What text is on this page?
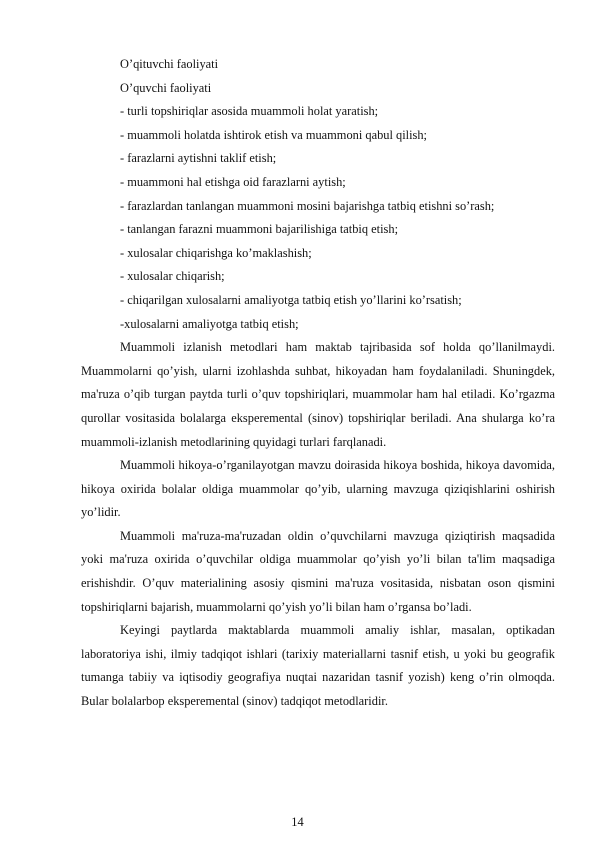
O’qituvchi faoliyati

O’quvchi faoliyati

- turli topshiriqlar asosida muammoli holat yaratish;

- muammoli holatda ishtirok etish va muammoni qabul qilish;

- farazlarni aytishni taklif etish;

- muammoni hal etishga oid farazlarni aytish;

- farazlardan tanlangan muammoni mosini bajarishga tatbiq etishni so’rash;

- tanlangan farazni muammoni bajarilishiga tatbiq etish;

- xulosalar chiqarishga ko’maklashish;

- xulosalar chiqarish;

- chiqarilgan xulosalarni amaliyotga tatbiq etish yo’llarini ko’rsatish;

-xulosalarni amaliyotga tatbiq etish;

Muammoli izlanish metodlari ham maktab tajribasida sof holda qo’llanilmaydi. Muammolarni qo’yish, ularni izohlashda suhbat, hikoyadan ham foydalaniladi. Shuningdek, ma'ruza o’qib turgan paytda turli o’quv topshiriqlari, muammolar ham hal etiladi. Ko’rgazma qurollar vositasida bolalarga eksperemental (sinov) topshiriqlar beriladi. Ana shularga ko’ra muammoli-izlanish metodlarining quyidagi turlari farqlanadi.

Muammoli hikoya-o’rganilayotgan mavzu doirasida hikoya boshida, hikoya davomida, hikoya oxirida bolalar oldiga muammolar qo’yib, ularning mavzuga qiziqishlarini oshirish yo’lidir.

Muammoli ma'ruza-ma'ruzadan oldin o’quvchilarni mavzuga qiziqtirish maqsadida yoki ma'ruza oxirida o’quvchilar oldiga muammolar qo’yish yo’li bilan ta'lim maqsadiga erishishdir. O’quv materialining asosiy qismini ma'ruza vositasida, nisbatan oson qismini topshiriqlarni bajarish, muammolarni qo’yish yo’li bilan ham o’rgansa bo’ladi.

Keyingi paytlarda maktablarda muammoli amaliy ishlar, masalan, optikadan laboratoriya ishi, ilmiy tadqiqot ishlari (tarixiy materiallarni tasnif etish, u yoki bu geografik tumanga tabiiy va iqtisodiy geografiya nuqtai nazaridan tasnif yozish) keng o’rin olmoqda. Bular bolalarbop eksperemental (sinov) tadqiqot metodlaridir.

14
